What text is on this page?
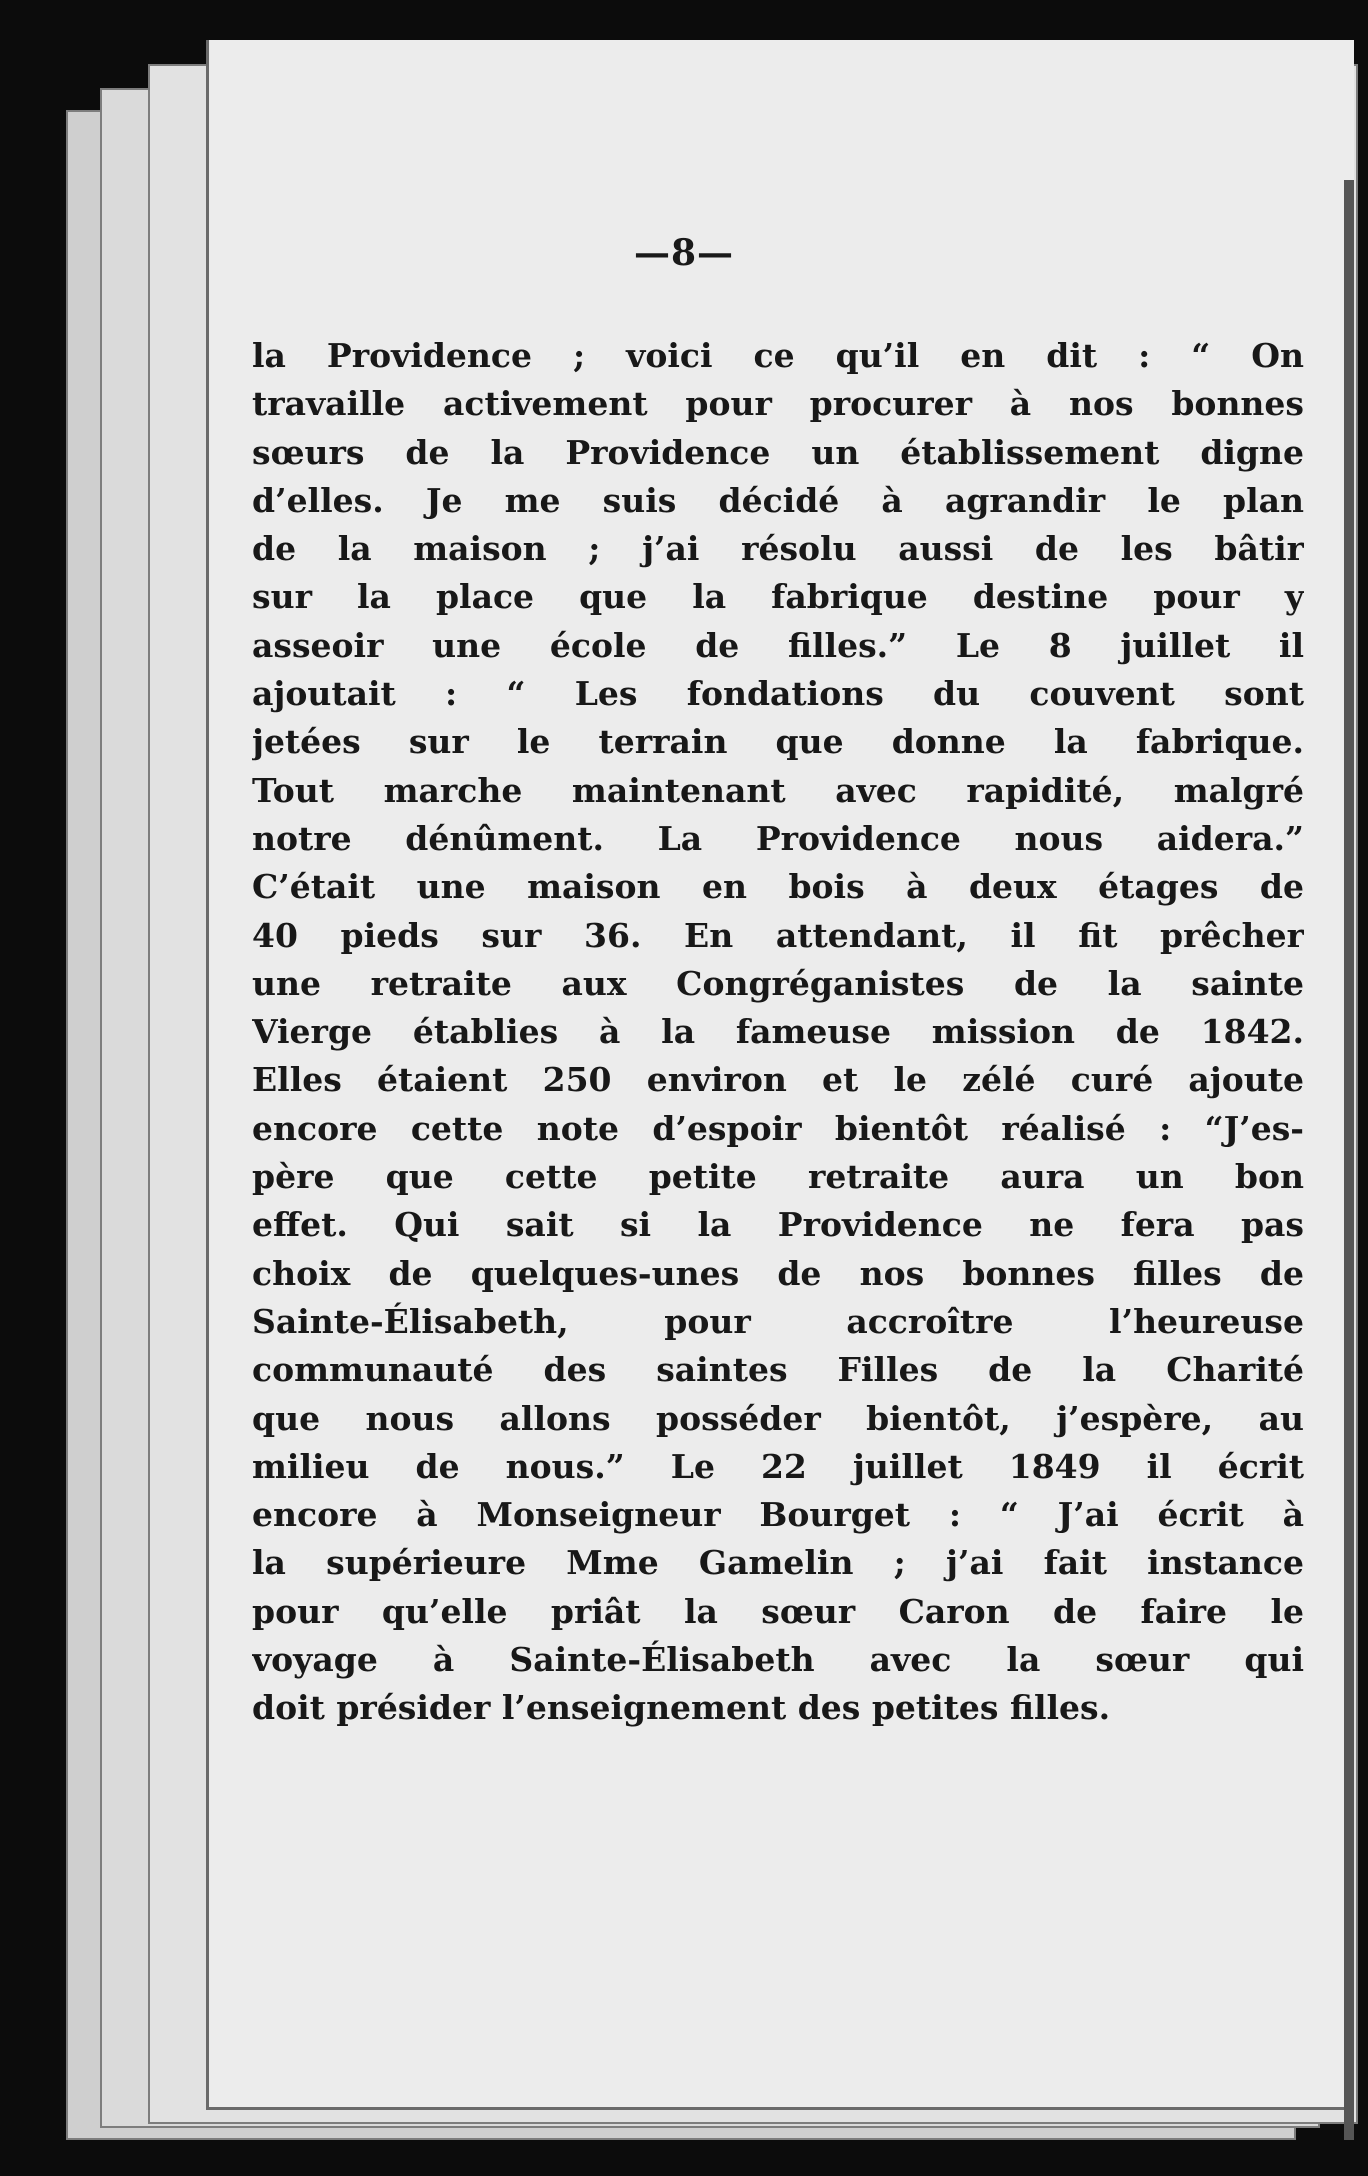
—8—
la Providence ; voici ce qu’il en dit : “ On
travaille activement pour procurer à nos bonnes
sœurs de la Providence un établissement digne
d’elles. Je me suis décidé à agrandir le plan
de la maison ; j’ai résolu aussi de les bâtir
sur la place que la fabrique destine pour y
asseoir une école de filles.” Le 8 juillet il
ajoutait : “ Les fondations du couvent sont
jetées sur le terrain que donne la fabrique.
Tout marche maintenant avec rapidité, malgré
notre dénûment. La Providence nous aidera.”
C’était une maison en bois à deux étages de
40 pieds sur 36. En attendant, il fit prêcher
une retraite aux Congréganistes de la sainte
Vierge établies à la fameuse mission de 1842.
Elles étaient 250 environ et le zélé curé ajoute
encore cette note d’espoir bientôt réalisé : “J’es-
père que cette petite retraite aura un bon
effet. Qui sait si la Providence ne fera pas
choix de quelques-unes de nos bonnes filles de
Sainte-Élisabeth, pour accroître l’heureuse
communauté des saintes Filles de la Charité
que nous allons posséder bientôt, j’espère, au
milieu de nous.” Le 22 juillet 1849 il écrit
encore à Monseigneur Bourget : “ J’ai écrit à
la supérieure Mme Gamelin ; j’ai fait instance
pour qu’elle priât la sœur Caron de faire le
voyage à Sainte-Élisabeth avec la sœur qui
doit présider l’enseignement des petites filles.
